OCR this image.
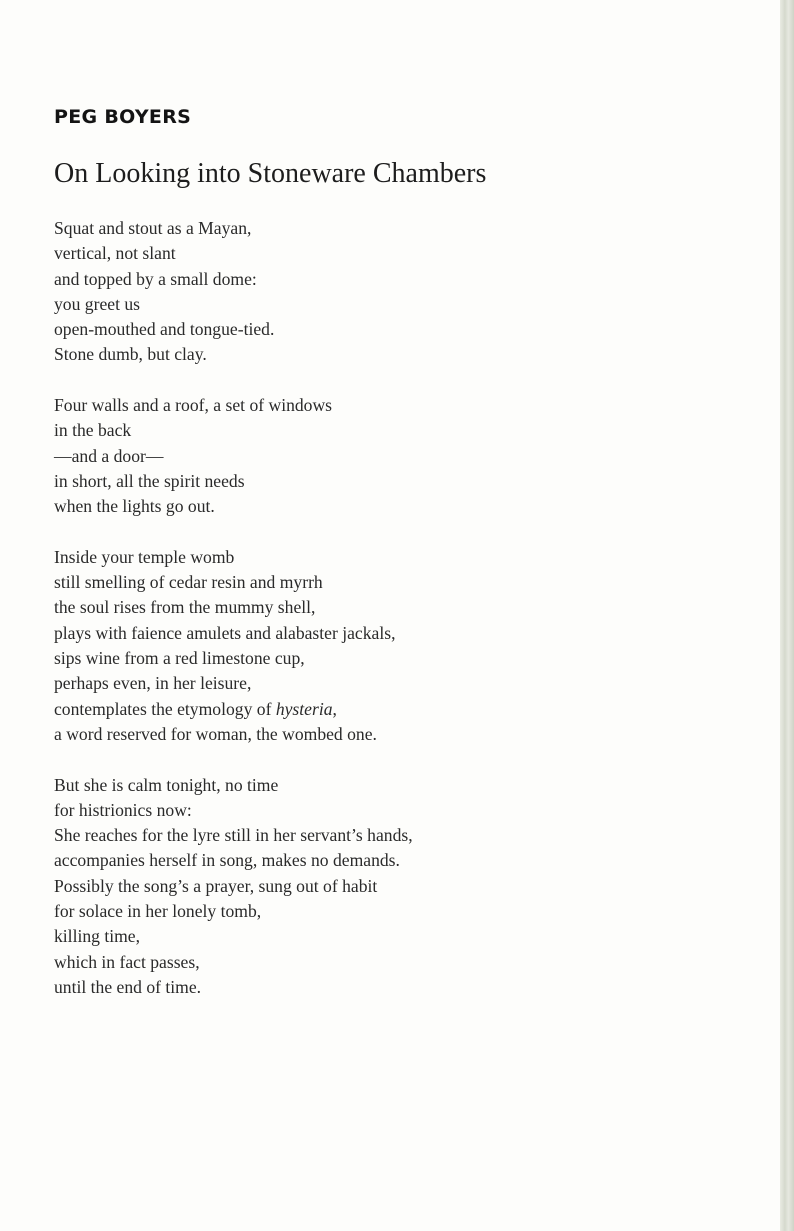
PEG BOYERS
On Looking into Stoneware Chambers
Squat and stout as a Mayan,
vertical, not slant
and topped by a small dome:
you greet us
open-mouthed and tongue-tied.
Stone dumb, but clay.
Four walls and a roof, a set of windows
in the back
—and a door—
in short, all the spirit needs
when the lights go out.
Inside your temple womb
still smelling of cedar resin and myrrh
the soul rises from the mummy shell,
plays with faience amulets and alabaster jackals,
sips wine from a red limestone cup,
perhaps even, in her leisure,
contemplates the etymology of hysteria,
a word reserved for woman, the wombed one.
But she is calm tonight, no time
for histrionics now:
She reaches for the lyre still in her servant’s hands,
accompanies herself in song, makes no demands.
Possibly the song’s a prayer, sung out of habit
for solace in her lonely tomb,
killing time,
which in fact passes,
until the end of time.
